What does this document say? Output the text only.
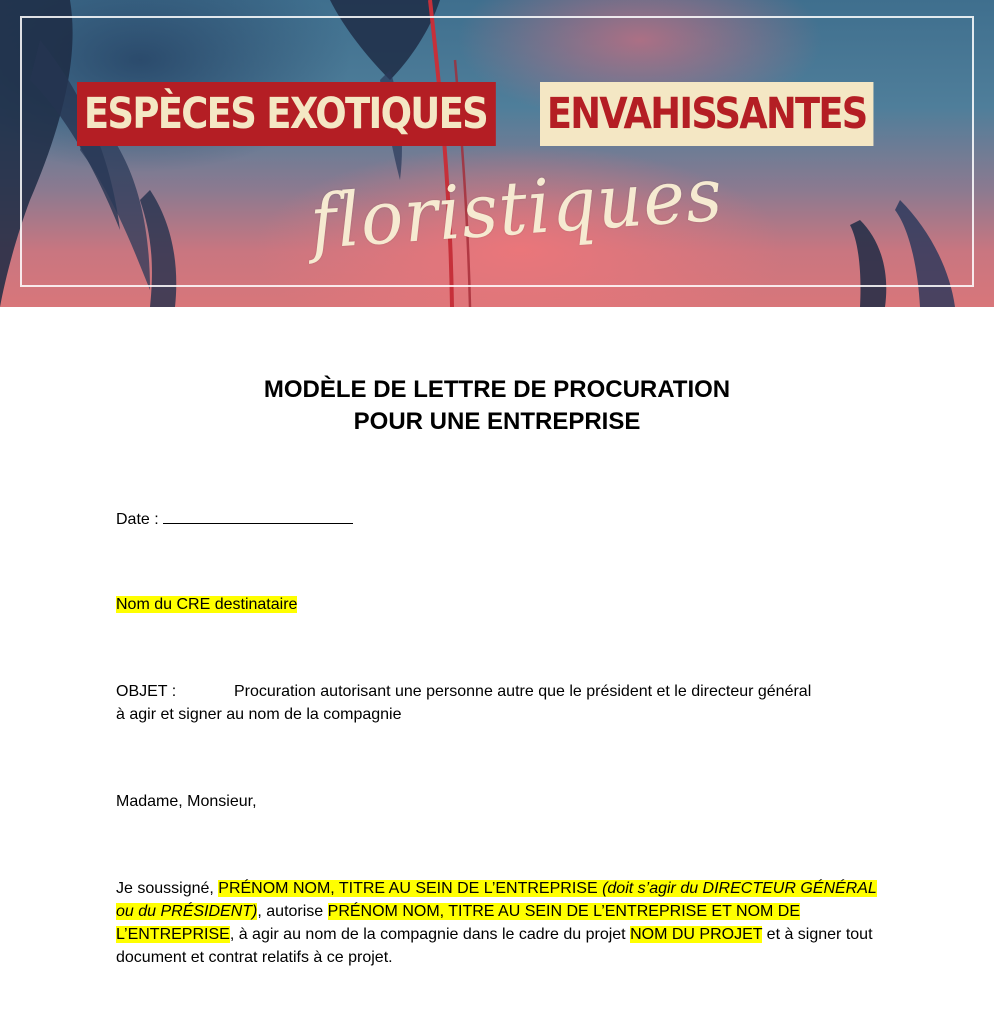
ESPÈCES EXOTIQUES ENVAHISSANTES
floristiques
MODÈLE DE LETTRE DE PROCURATION
POUR UNE ENTREPRISE
Date :
Nom du CRE destinataire
OBJET :	Procuration autorisant une personne autre que le président et le directeur général
à agir et signer au nom de la compagnie
Madame, Monsieur,
Je soussigné, PRÉNOM NOM, TITRE AU SEIN DE L’ENTREPRISE (doit s’agir du DIRECTEUR GÉNÉRAL ou du PRÉSIDENT), autorise PRÉNOM NOM, TITRE AU SEIN DE L’ENTREPRISE ET NOM DE L’ENTREPRISE, à agir au nom de la compagnie dans le cadre du projet NOM DU PROJET et à signer tout document et contrat relatifs à ce projet.
